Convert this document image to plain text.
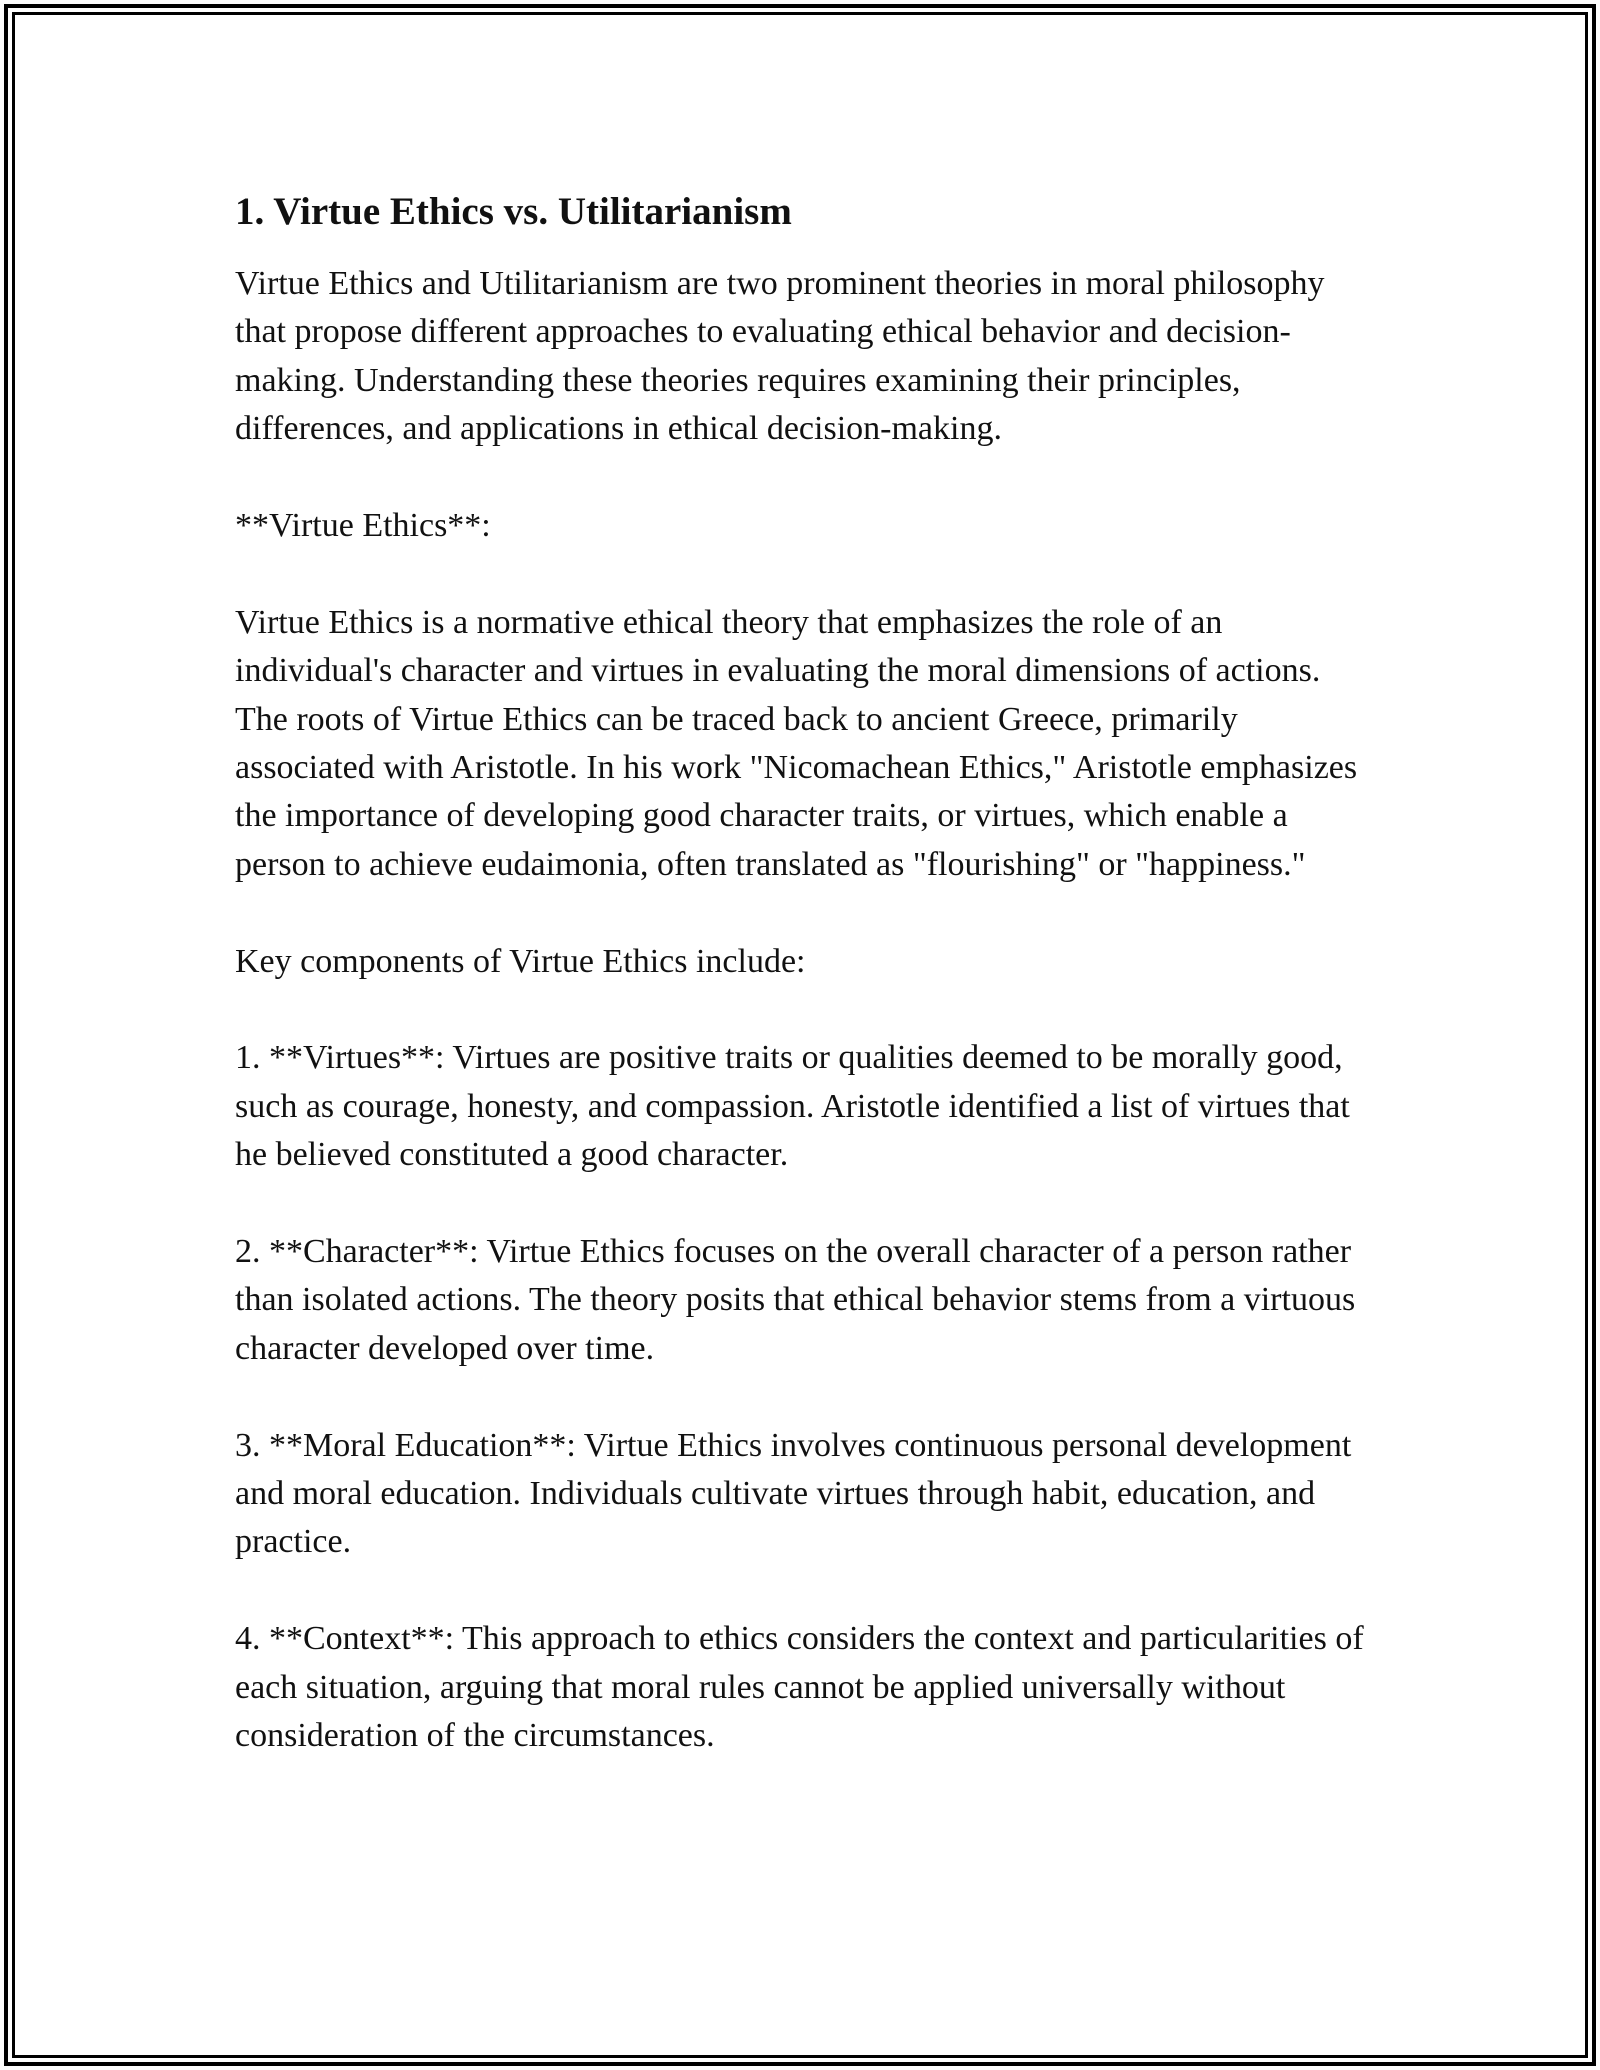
1. Virtue Ethics vs. Utilitarianism

Virtue Ethics and Utilitarianism are two prominent theories in moral philosophy that propose different approaches to evaluating ethical behavior and decision-making. Understanding these theories requires examining their principles, differences, and applications in ethical decision-making.

**Virtue Ethics**:

Virtue Ethics is a normative ethical theory that emphasizes the role of an individual's character and virtues in evaluating the moral dimensions of actions. The roots of Virtue Ethics can be traced back to ancient Greece, primarily associated with Aristotle. In his work "Nicomachean Ethics," Aristotle emphasizes the importance of developing good character traits, or virtues, which enable a person to achieve eudaimonia, often translated as "flourishing" or "happiness."

Key components of Virtue Ethics include:

1. **Virtues**: Virtues are positive traits or qualities deemed to be morally good, such as courage, honesty, and compassion. Aristotle identified a list of virtues that he believed constituted a good character.

2. **Character**: Virtue Ethics focuses on the overall character of a person rather than isolated actions. The theory posits that ethical behavior stems from a virtuous character developed over time.

3. **Moral Education**: Virtue Ethics involves continuous personal development and moral education. Individuals cultivate virtues through habit, education, and practice.

4. **Context**: This approach to ethics considers the context and particularities of each situation, arguing that moral rules cannot be applied universally without consideration of the circumstances.
